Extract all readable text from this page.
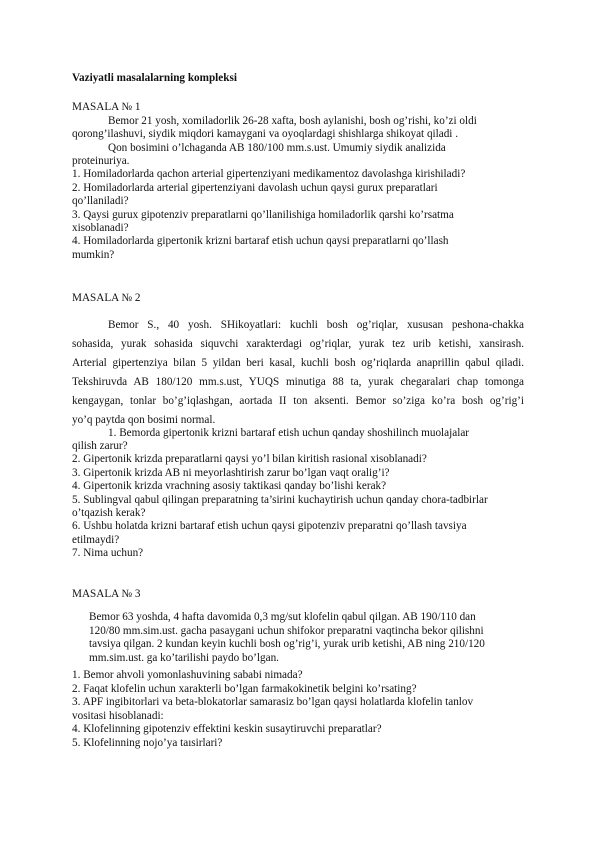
Vaziyatli masalalarning kompleksi
MASALA № 1
Bemor 21 yosh, xomiladorlik 26-28 xafta, bosh aylanishi, bosh og’rishi, ko’zi oldi
qorong’ilashuvi, siydik miqdori kamaygani va oyoqlardagi shishlarga shikoyat qiladi .
Qon bosimini o’lchaganda AB 180/100 mm.s.ust. Umumiy siydik analizida
proteinuriya.
1. Homiladorlarda qachon arterial gipertenziyani medikamentoz davolashga kirishiladi?
2. Homiladorlarda arterial gipertenziyani davolash uchun qaysi gurux preparatlari
qo’llaniladi?
3. Qaysi gurux gipotenziv preparatlarni qo’llanilishiga homiladorlik qarshi ko’rsatma
xisoblanadi?
4. Homiladorlarda gipertonik krizni bartaraf etish uchun qaysi preparatlarni qo’llash
mumkin?
MASALA № 2
Bemor S., 40 yosh. SHikoyatlari: kuchli bosh og’riqlar, xususan peshona-chakka
sohasida, yurak sohasida siquvchi xarakterdagi og’riqlar, yurak tez urib ketishi, xansirash.
Arterial gipertenziya bilan 5 yildan beri kasal, kuchli bosh og’riqlarda anaprillin qabul qiladi.
Tekshiruvda AB 180/120 mm.s.ust, YUQS minutiga 88 ta, yurak chegaralari chap tomonga
kengaygan, tonlar bo’g’iqlashgan, aortada II ton aksenti. Bemor so’ziga ko’ra bosh og’rig’i
yo’q paytda qon bosimi normal.
1. Bemorda gipertonik krizni bartaraf etish uchun qanday shoshilinch muolajalar
qilish zarur?
2. Gipertonik krizda preparatlarni qaysi yo’l bilan kiritish rasional xisoblanadi?
3. Gipertonik krizda AB ni meyorlashtirish zarur bo’lgan vaqt oralig’i?
4. Gipertonik krizda vrachning asosiy taktikasi qanday bo’lishi kerak?
5. Sublingval qabul qilingan preparatning ta’sirini kuchaytirish uchun qanday chora-tadbirlar
o’tqazish kerak?
6. Ushbu holatda krizni bartaraf etish uchun qaysi gipotenziv preparatni qo’llash tavsiya
etilmaydi?
7. Nima uchun?
MASALA № 3
Bemor 63 yoshda, 4 hafta davomida 0,3 mg/sut klofelin qabul qilgan. AB 190/110 dan
120/80 mm.sim.ust. gacha pasaygani uchun shifokor preparatni vaqtincha bekor qilishni
tavsiya qilgan. 2 kundan keyin kuchli bosh og’rig’i, yurak urib ketishi, AB ning 210/120
mm.sim.ust. ga ko’tarilishi paydo bo’lgan.
1. Bemor ahvoli yomonlashuvining sababi nimada?
2. Faqat klofelin uchun xarakterli bo’lgan farmakokinetik belgini ko’rsating?
3. APF ingibitorlari va beta-blokatorlar samarasiz bo’lgan qaysi holatlarda klofelin tanlov
vositasi hisoblanadi:
4. Klofelinning gipotenziv effektini keskin susaytiruvchi preparatlar?
5. Klofelinning nojo’ya taısirlari?
